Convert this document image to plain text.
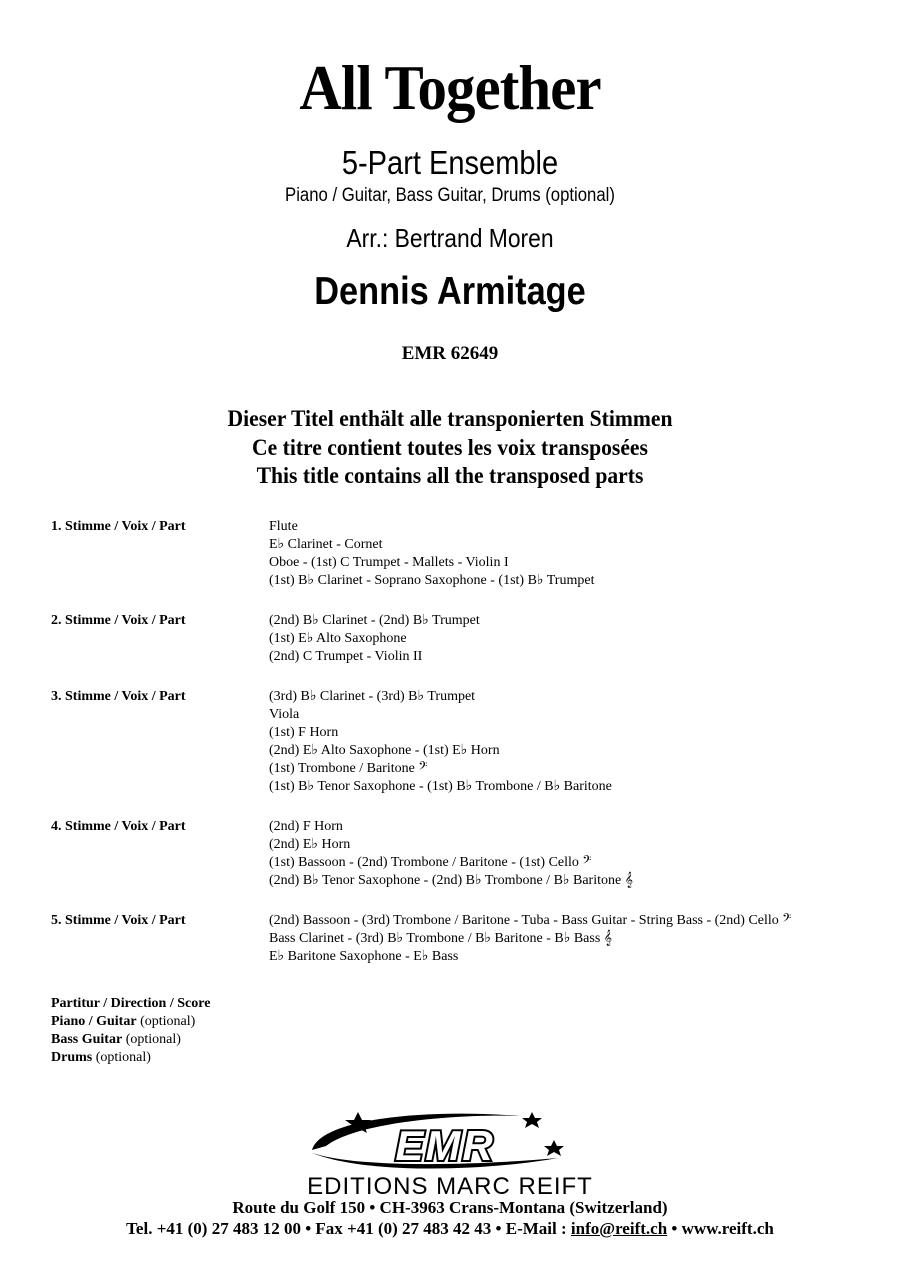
All Together
5-Part Ensemble
Piano / Guitar, Bass Guitar, Drums (optional)
Arr.: Bertrand Moren
Dennis Armitage
EMR 62649
Dieser Titel enthält alle transponierten Stimmen
Ce titre contient toutes les voix transposées
This title contains all the transposed parts
1. Stimme / Voix / Part	Flute
E♭ Clarinet - Cornet
Oboe - (1st) C Trumpet - Mallets - Violin I
(1st) B♭ Clarinet - Soprano Saxophone - (1st) B♭ Trumpet
2. Stimme / Voix / Part	(2nd) B♭ Clarinet - (2nd) B♭ Trumpet
(1st) E♭ Alto Saxophone
(2nd) C Trumpet - Violin II
3. Stimme / Voix / Part	(3rd) B♭ Clarinet - (3rd) B♭ Trumpet
Viola
(1st) F Horn
(2nd) E♭ Alto Saxophone - (1st) E♭ Horn
(1st) Trombone / Baritone 𝄢
(1st) B♭ Tenor Saxophone - (1st) B♭ Trombone / B♭ Baritone
4. Stimme / Voix / Part	(2nd) F Horn
(2nd) E♭ Horn
(1st) Bassoon - (2nd) Trombone / Baritone - (1st) Cello 𝄢
(2nd) B♭ Tenor Saxophone - (2nd) B♭ Trombone / B♭ Baritone 𝄞
5. Stimme / Voix / Part	(2nd) Bassoon - (3rd) Trombone / Baritone - Tuba - Bass Guitar - String Bass - (2nd) Cello 𝄢
Bass Clarinet - (3rd) B♭ Trombone / B♭ Baritone - B♭ Bass 𝄞
E♭ Baritone Saxophone - E♭ Bass
Partitur / Direction / Score
Piano / Guitar (optional)
Bass Guitar (optional)
Drums (optional)
EMR
EDITIONS MARC REIFT
Route du Golf 150 • CH-3963 Crans-Montana (Switzerland)
Tel. +41 (0) 27 483 12 00 • Fax +41 (0) 27 483 42 43 • E-Mail : info@reift.ch • www.reift.ch
